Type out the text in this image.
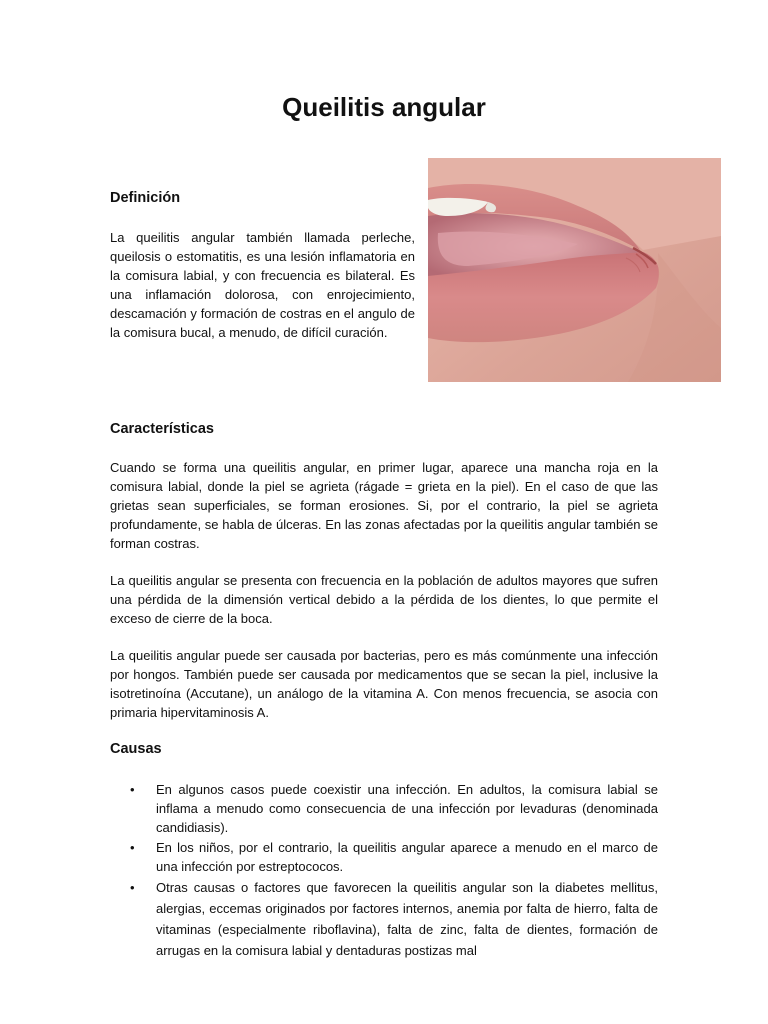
Queilitis angular
Definición

La queilitis angular también llamada perleche, queilosis o estomatitis, es una lesión inflamatoria en la comisura labial, y con frecuencia es bilateral. Es una inflamación dolorosa, con enrojecimiento, descamación y formación de costras en el angulo de la comisura bucal, a menudo, de difícil curación.

Características

Cuando se forma una queilitis angular, en primer lugar, aparece una mancha roja en la comisura labial, donde la piel se agrieta (rágade = grieta en la piel). En el caso de que las grietas sean superficiales, se forman erosiones. Si, por el contrario, la piel se agrieta profundamente, se habla de úlceras. En las zonas afectadas por la queilitis angular también se forman costras.

La queilitis angular se presenta con frecuencia en la población de adultos mayores que sufren una pérdida de la dimensión vertical debido a la pérdida de los dientes, lo que permite el exceso de cierre de la boca.

La queilitis angular puede ser causada por bacterias, pero es más comúnmente una infección por hongos. También puede ser causada por medicamentos que se secan la piel, inclusive la isotretinoína (Accutane), un análogo de la vitamina A. Con menos frecuencia, se asocia con primaria hipervitaminosis A.

Causas
• En algunos casos puede coexistir una infección. En adultos, la comisura labial se inflama a menudo como consecuencia de una infección por levaduras (denominada candidiasis).
• En los niños, por el contrario, la queilitis angular aparece a menudo en el marco de una infección por estreptococos.
• Otras causas o factores que favorecen la queilitis angular son la diabetes mellitus, alergias, eccemas originados por factores internos, anemia por falta de hierro, falta de vitaminas (especialmente riboflavina), falta de zinc, falta de dientes, formación de arrugas en la comisura labial y dentaduras postizas mal
